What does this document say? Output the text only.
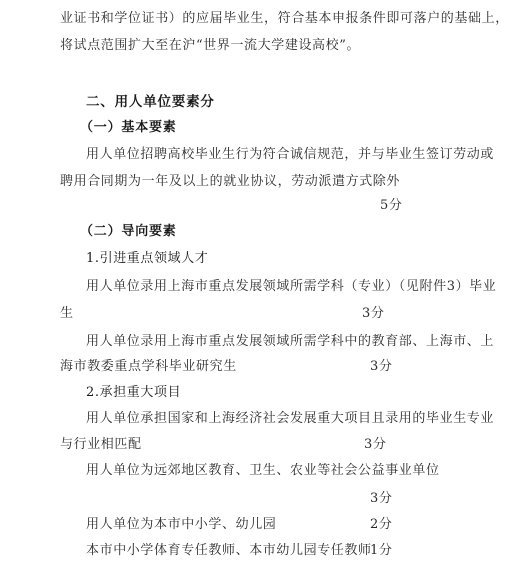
业证书和学位证书）的应届毕业生，符合基本申报条件即可落户的基础上，
将试点范围扩大至在沪“世界一流大学建设高校”。
二、用人单位要素分
（一）基本要素
用人单位招聘高校毕业生行为符合诚信规范，并与毕业生签订劳动或
聘用合同期为一年及以上的就业协议，劳动派遣方式除外
5分
（二）导向要素
1.引进重点领域人才
用人单位录用上海市重点发展领域所需学科（专业）（见附件3）毕业
生	3分
用人单位录用上海市重点发展领域所需学科中的教育部、上海市、上
海市教委重点学科毕业研究生	3分
2.承担重大项目
用人单位承担国家和上海经济社会发展重大项目且录用的毕业生专业
与行业相匹配	3分
用人单位为远郊地区教育、卫生、农业等社会公益事业单位
3分
用人单位为本市中小学、幼儿园	2分
本市中小学体育专任教师、本市幼儿园专任教师
1分
